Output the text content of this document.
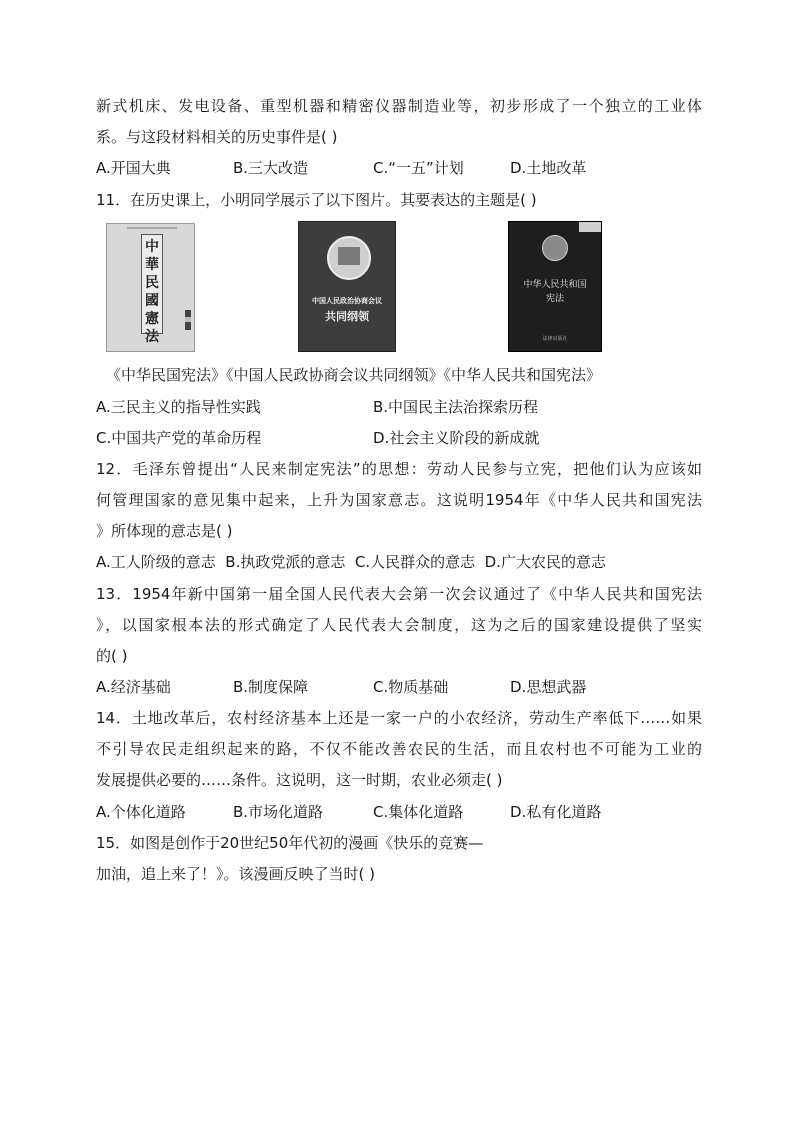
新式机床、发电设备、重型机器和精密仪器制造业等，初步形成了一个独立的工业体
系。与这段材料相关的历史事件是( )
A.开国大典	B.三大改造	C.“一五”计划	D.土地改革
11．在历史课上，小明同学展示了以下图片。其要表达的主题是( )
中華民國憲法
中国人民政治协商会议
共同纲领
中华人民共和国
宪法
法律出版社
《中华民国宪法》《中国人民政协商会议共同纲领》《中华人民共和国宪法》
A.三民主义的指导性实践	B.中国民主法治探索历程
C.中国共产党的革命历程	D.社会主义阶段的新成就
12．毛泽东曾提出“人民来制定宪法”的思想：劳动人民参与立宪，把他们认为应该如
何管理国家的意见集中起来，上升为国家意志。这说明1954年《中华人民共和国宪法
》所体现的意志是( )
A.工人阶级的意志  B.执政党派的意志  C.人民群众的意志  D.广大农民的意志
13．1954年新中国第一届全国人民代表大会第一次会议通过了《中华人民共和国宪法
》，以国家根本法的形式确定了人民代表大会制度，这为之后的国家建设提供了坚实
的( )
A.经济基础	B.制度保障	C.物质基础	D.思想武器
14．土地改革后，农村经济基本上还是一家一户的小农经济，劳动生产率低下……如果
不引导农民走组织起来的路，不仅不能改善农民的生活，而且农村也不可能为工业的
发展提供必要的……条件。这说明，这一时期，农业必须走( )
A.个体化道路	B.市场化道路	C.集体化道路	D.私有化道路
15．如图是创作于20世纪50年代初的漫画《快乐的竞赛—
加油，追上来了！》。该漫画反映了当时( )
